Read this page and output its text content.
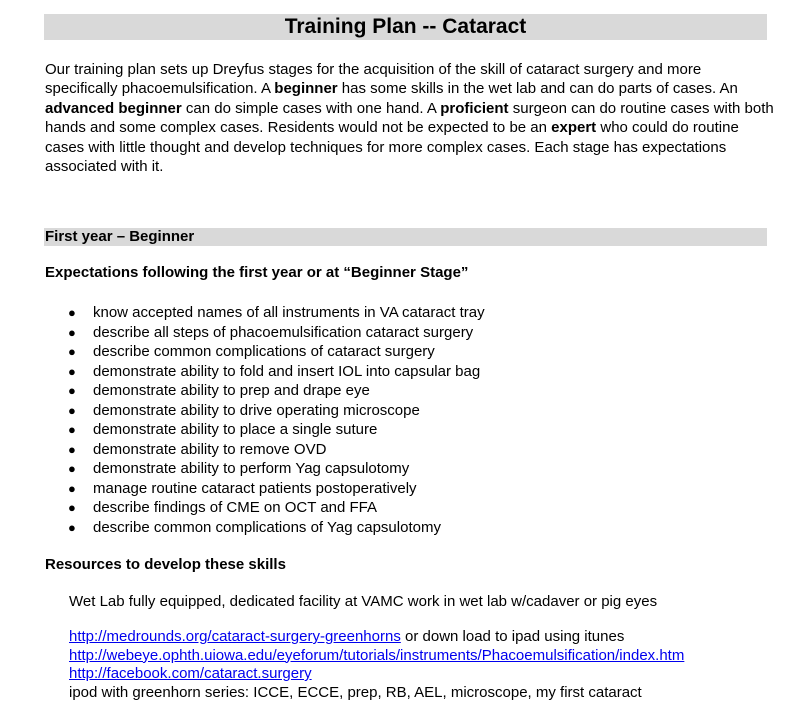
Training Plan -- Cataract

Our training plan sets up Dreyfus stages for the acquisition of the skill of cataract surgery and more specifically phacoemulsification. A beginner has some skills in the wet lab and can do parts of cases. An advanced beginner can do simple cases with one hand. A proficient surgeon can do routine cases with both hands and some complex cases. Residents would not be expected to be an expert who could do routine cases with little thought and develop techniques for more complex cases. Each stage has expectations associated with it.

First year – Beginner

Expectations following the first year or at “Beginner Stage”

● know accepted names of all instruments in VA cataract tray
● describe all steps of phacoemulsification cataract surgery
● describe common complications of cataract surgery
● demonstrate ability to fold and insert IOL into capsular bag
● demonstrate ability to prep and drape eye
● demonstrate ability to drive operating microscope
● demonstrate ability to place a single suture
● demonstrate ability to remove OVD
● demonstrate ability to perform Yag capsulotomy
● manage routine cataract patients postoperatively
● describe findings of CME on OCT and FFA
● describe common complications of Yag capsulotomy

Resources to develop these skills

Wet Lab fully equipped, dedicated facility at VAMC work in wet lab w/cadaver or pig eyes

http://medrounds.org/cataract-surgery-greenhorns or down load to ipad using itunes
http://webeye.ophth.uiowa.edu/eyeforum/tutorials/instruments/Phacoemulsification/index.htm
http://facebook.com/cataract.surgery
ipod with greenhorn series: ICCE, ECCE, prep, RB, AEL, microscope, my first cataract
